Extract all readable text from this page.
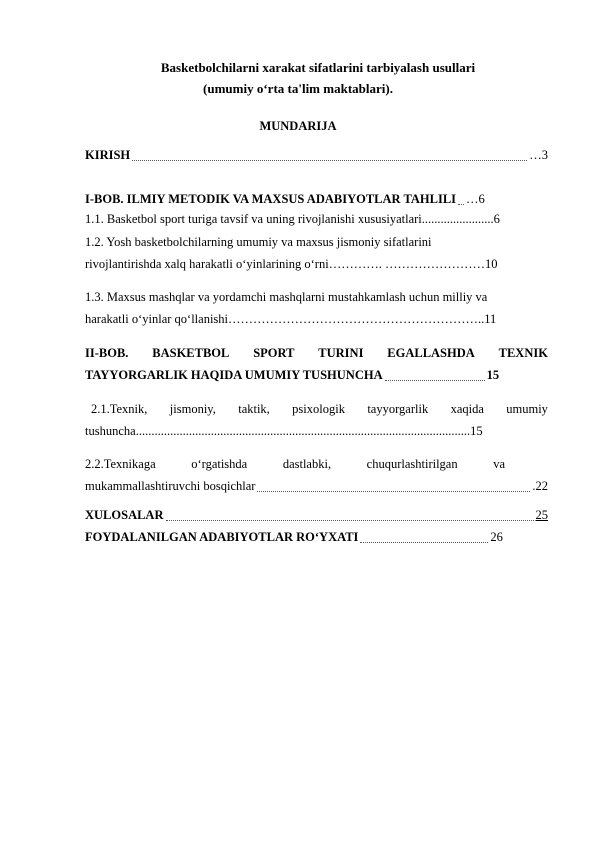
Basketbolchilarni xarakat sifatlarini tarbiyalash usullari
(umumiy o‘rta ta'lim maktablari).
MUNDARIJA
KIRISH	… 3
I-BOB. ILMIY METODIK VA MAXSUS ADABIYOTLAR TAHLILI … 6
1.1. Basketbol sport turiga tavsif va uning rivojlanishi xususiyatlari ....................... 6
1.2. Yosh basketbolchilarning umumiy va maxsus jismoniy sifatlarini
rivojlantirishda xalq harakatli o‘yinlarining o‘rni …………. …………………… 10
1.3. Maxsus mashqlar va yordamchi mashqlarni mustahkamlash uchun milliy va
harakatli o‘yinlar qo‘llanishi …………………………………………………….. 11
II-BOB. BASKETBOL SPORT TURINI EGALLASHDA TEXNIK
TAYYORGARLIK HAQIDA UMUMIY TUSHUNCHA	15
2.1.Texnik, jismoniy, taktik, psixologik tayyorgarlik xaqida umumiy
tushuncha ........................................................................................................... 15
2.2.Texnikaga	o‘rgatishda	dastlabki,	chuqurlashtirilgan	va
mukammallashtiruvchi bosqichlar	. 22
XULOSALAR	25
FOYDALANILGAN ADABIYOTLAR RO‘YXATI	26
